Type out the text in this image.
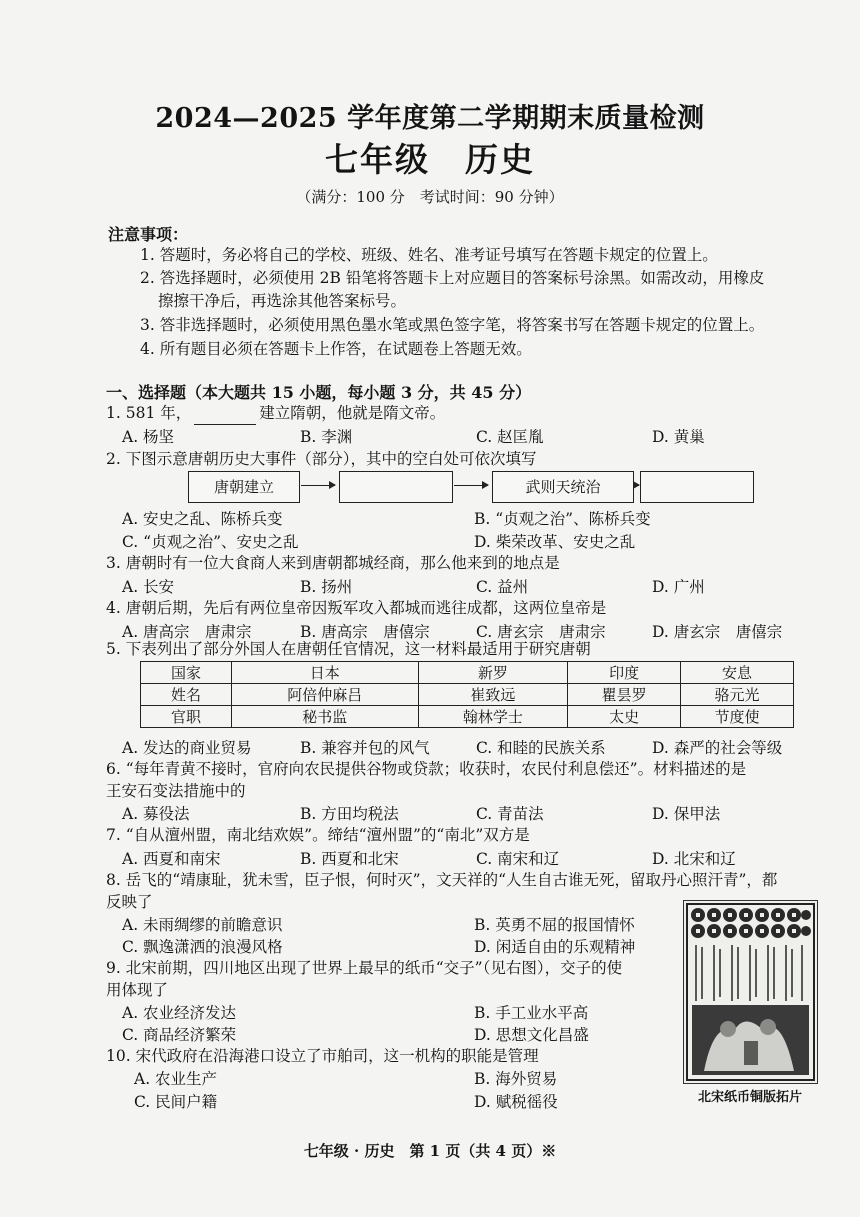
2024—2025 学年度第二学期期末质量检测
七年级　历史
（满分：100 分　考试时间：90 分钟）
注意事项：
1. 答题时，务必将自己的学校、班级、姓名、准考证号填写在答题卡规定的位置上。
2. 答选择题时，必须使用 2B 铅笔将答题卡上对应题目的答案标号涂黑。如需改动，用橡皮
擦擦干净后，再选涂其他答案标号。
3. 答非选择题时，必须使用黑色墨水笔或黑色签字笔，将答案书写在答题卡规定的位置上。
4. 所有题目必须在答题卡上作答，在试题卷上答题无效。
一、选择题（本大题共 15 小题，每小题 3 分，共 45 分）
1. 581 年，	建立隋朝，他就是隋文帝。
A. 杨坚	B. 李渊	C. 赵匡胤	D. 黄巢
2. 下图示意唐朝历史大事件（部分），其中的空白处可依次填写
唐朝建立	武则天统治
A. 安史之乱、陈桥兵变	B. “贞观之治”、陈桥兵变
C. “贞观之治”、安史之乱	D. 柴荣改革、安史之乱
3. 唐朝时有一位大食商人来到唐朝都城经商，那么他来到的地点是
A. 长安	B. 扬州	C. 益州	D. 广州
4. 唐朝后期，先后有两位皇帝因叛军攻入都城而逃往成都，这两位皇帝是
A. 唐高宗　唐肃宗	B. 唐高宗　唐僖宗	C. 唐玄宗　唐肃宗	D. 唐玄宗　唐僖宗
5. 下表列出了部分外国人在唐朝任官情况，这一材料最适用于研究唐朝
国家	日本	新罗	印度	安息
姓名	阿倍仲麻吕	崔致远	瞿昙罗	骆元光
官职	秘书监	翰林学士	太史	节度使
A. 发达的商业贸易	B. 兼容并包的风气	C. 和睦的民族关系	D. 森严的社会等级
6. “每年青黄不接时，官府向农民提供谷物或贷款；收获时，农民付利息偿还”。材料描述的是
王安石变法措施中的
A. 募役法	B. 方田均税法	C. 青苗法	D. 保甲法
7. “自从澶州盟，南北结欢娱”。缔结“澶州盟”的“南北”双方是
A. 西夏和南宋	B. 西夏和北宋	C. 南宋和辽	D. 北宋和辽
8. 岳飞的“靖康耻，犹未雪，臣子恨，何时灭”，文天祥的“人生自古谁无死，留取丹心照汗青”，都
反映了
A. 未雨绸缪的前瞻意识	B. 英勇不屈的报国情怀
C. 飘逸潇洒的浪漫风格	D. 闲适自由的乐观精神
9. 北宋前期，四川地区出现了世界上最早的纸币“交子”（见右图），交子的使
用体现了
A. 农业经济发达	B. 手工业水平高
C. 商品经济繁荣	D. 思想文化昌盛
10. 宋代政府在沿海港口设立了市舶司，这一机构的职能是管理
A. 农业生产	B. 海外贸易
C. 民间户籍	D. 赋税徭役	北宋纸币铜版拓片
七年级 · 历史　第 1 页（共 4 页）※
